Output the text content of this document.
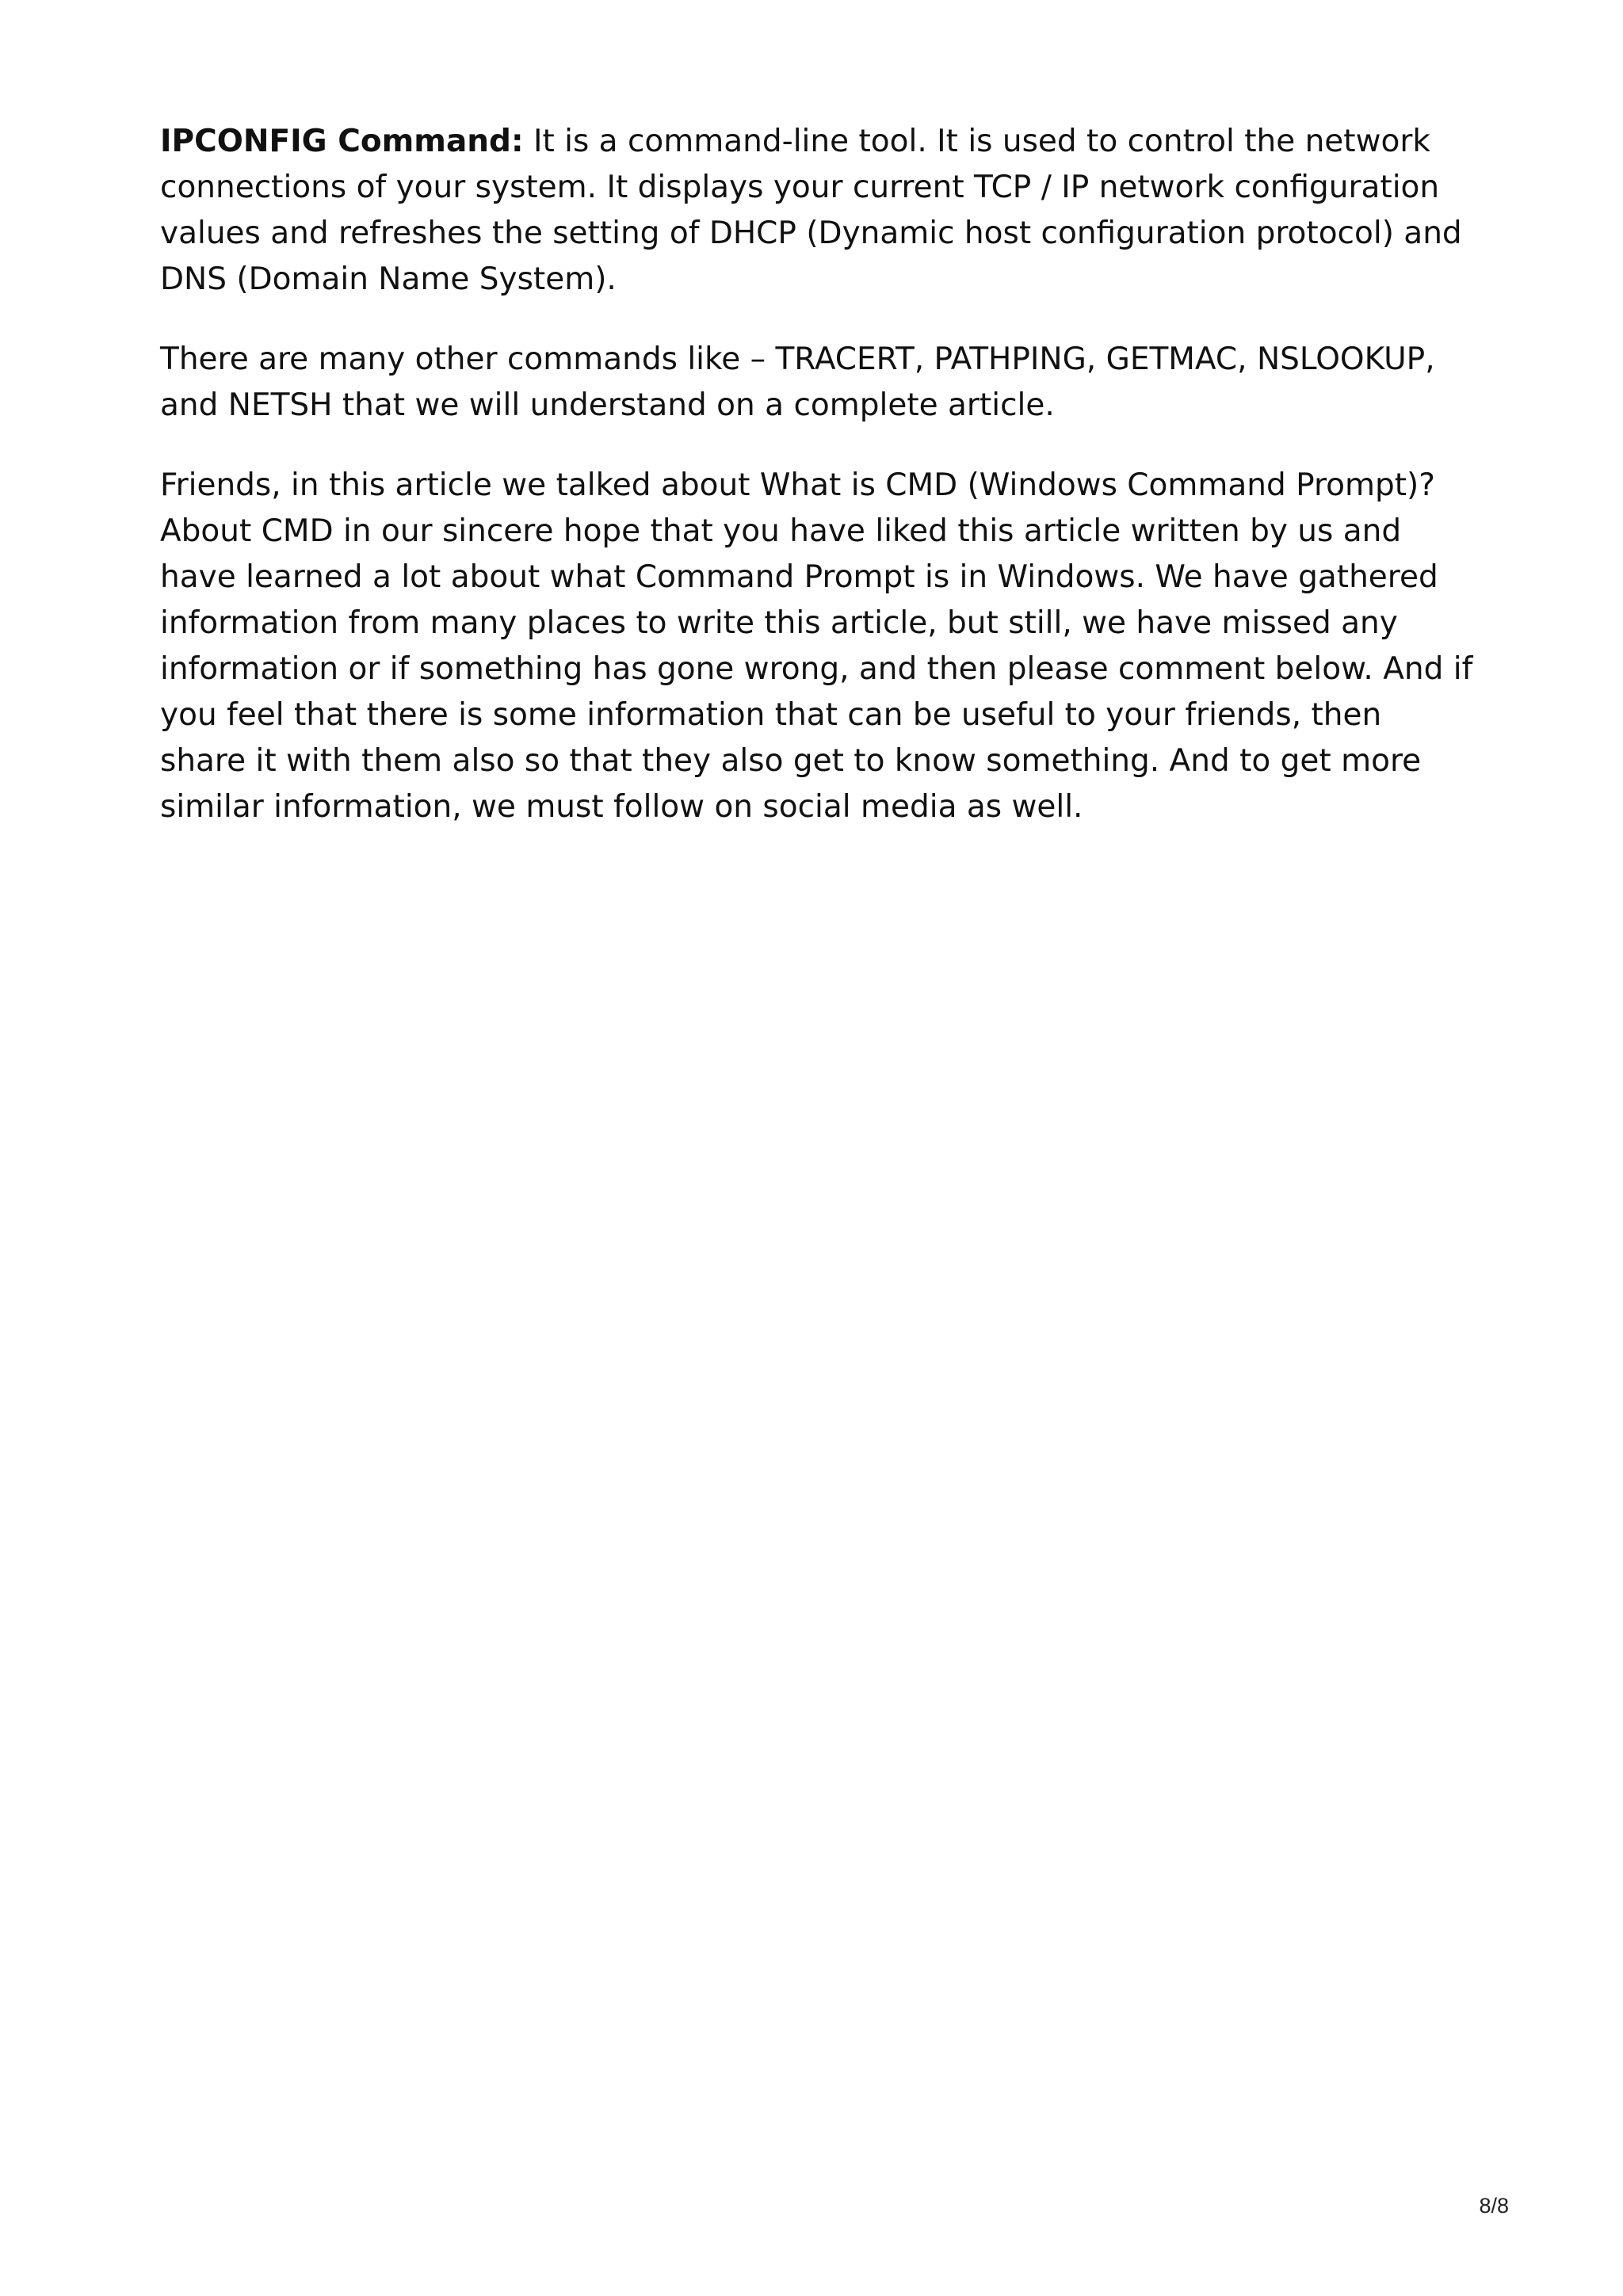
IPCONFIG Command: It is a command-line tool. It is used to control the network connections of your system. It displays your current TCP / IP network configuration values and refreshes the setting of DHCP (Dynamic host configuration protocol) and DNS (Domain Name System).

There are many other commands like – TRACERT, PATHPING, GETMAC, NSLOOKUP, and NETSH that we will understand on a complete article.

Friends, in this article we talked about What is CMD (Windows Command Prompt)? About CMD in our sincere hope that you have liked this article written by us and have learned a lot about what Command Prompt is in Windows. We have gathered information from many places to write this article, but still, we have missed any information or if something has gone wrong, and then please comment below. And if you feel that there is some information that can be useful to your friends, then share it with them also so that they also get to know something. And to get more similar information, we must follow on social media as well.

8/8
